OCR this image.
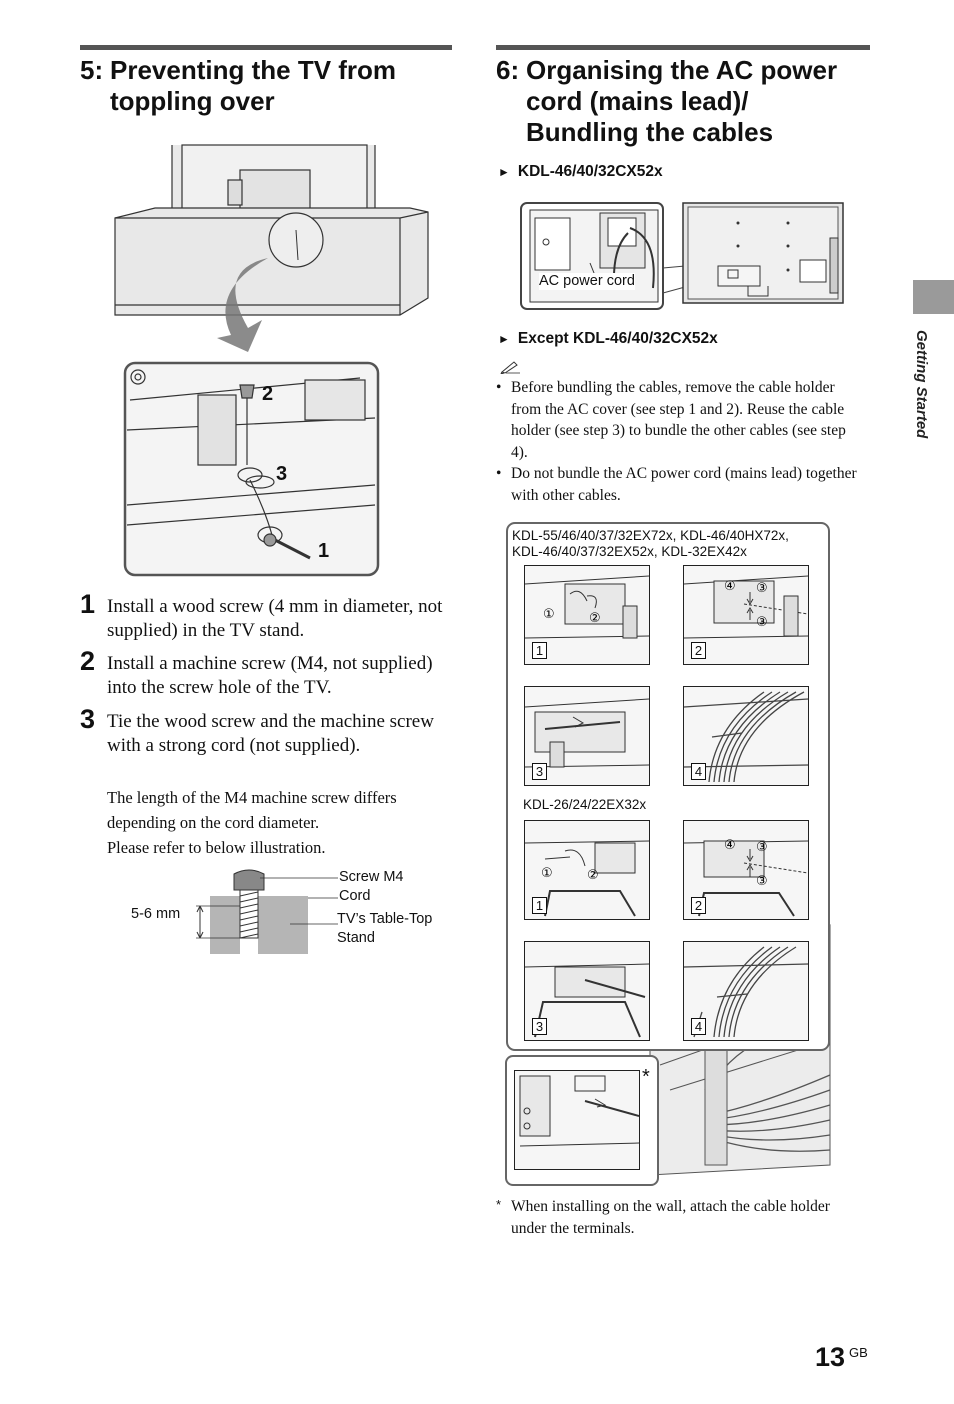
5: Preventing the TV from
toppling over
2
3
1
1 Install a wood screw (4 mm in diameter, not supplied) in the TV stand.
2 Install a machine screw (M4, not supplied) into the screw hole of the TV.
3 Tie the wood screw and the machine screw with a strong cord (not supplied).
The length of the M4 machine screw differs
depending on the cord diameter.
Please refer to below illustration.
5-6 mm
Screw M4
Cord
TV’s Table-Top
Stand
6: Organising the AC power
cord (mains lead)/
Bundling the cables
► KDL-46/40/32CX52x
AC power cord
► Except KDL-46/40/32CX52x
• Before bundling the cables, remove the cable holder from the AC cover (see step 1 and 2). Reuse the cable holder (see step 3) to bundle the other cables (see step 4).
• Do not bundle the AC power cord (mains lead) together with other cables.
KDL-55/46/40/37/32EX72x, KDL-46/40HX72x,
KDL-46/40/37/32EX52x, KDL-32EX42x
KDL-26/24/22EX32x
①	②
1
④ ③
③
2
3	4
①	②
1
④ ③
③
2
3	4
*
* When installing on the wall, attach the cable holder under the terminals.
Getting Started
13 GB
